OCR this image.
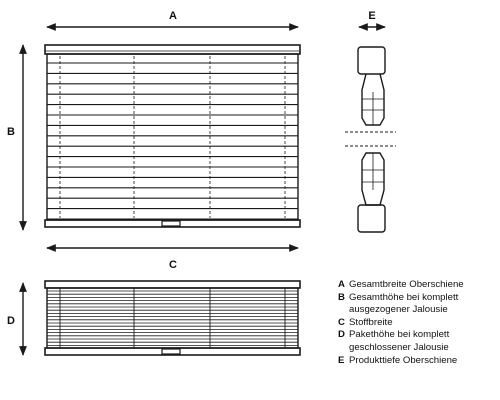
A
B
C
E
D
A Gesamtbreite Oberschiene
B Gesamthöhe bei komplett
ausgezogener Jalousie
C Stoffbreite
D Pakethöhe bei komplett
geschlossener Jalousie
E Produkttiefe Oberschiene
